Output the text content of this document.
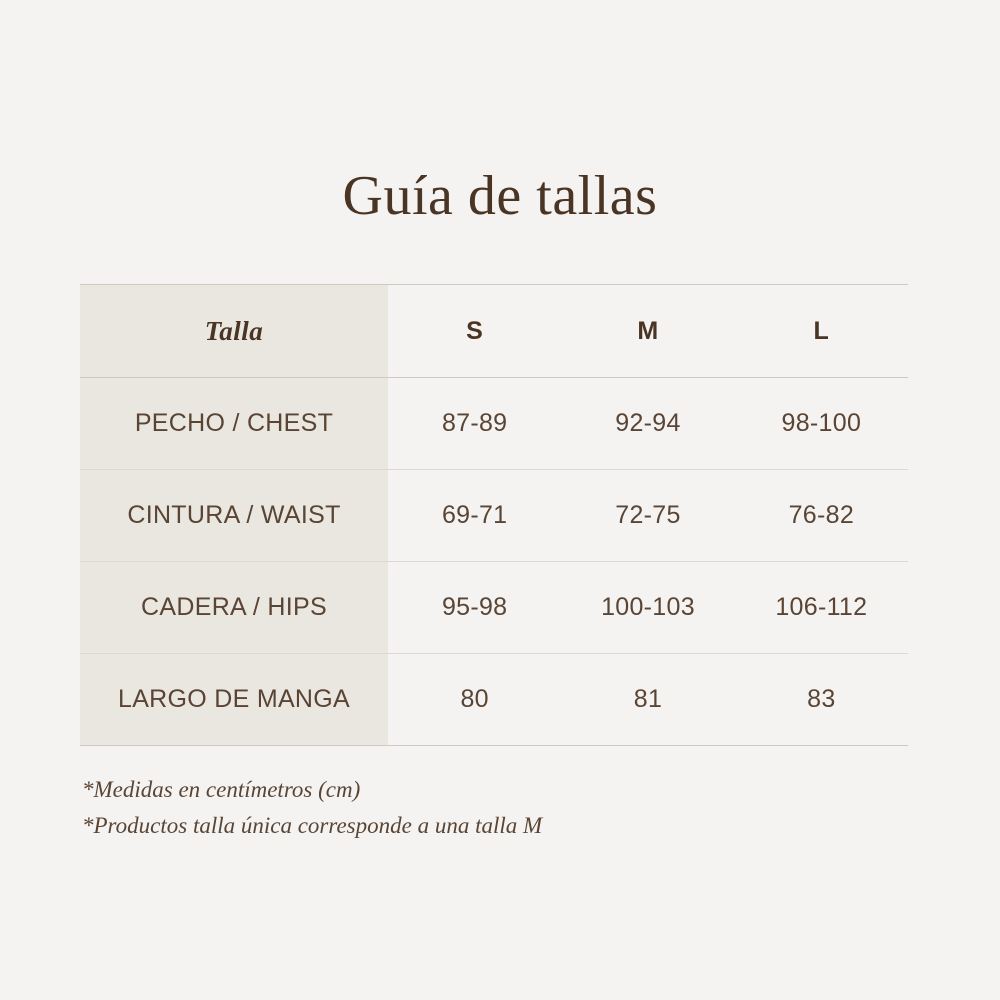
Guía de tallas
Talla	S	M	L
PECHO / CHEST	87-89	92-94	98-100
CINTURA / WAIST	69-71	72-75	76-82
CADERA / HIPS	95-98	100-103	106-112
LARGO DE MANGA	80	81	83
*Medidas en centímetros (cm)
*Productos talla única corresponde a una talla M
